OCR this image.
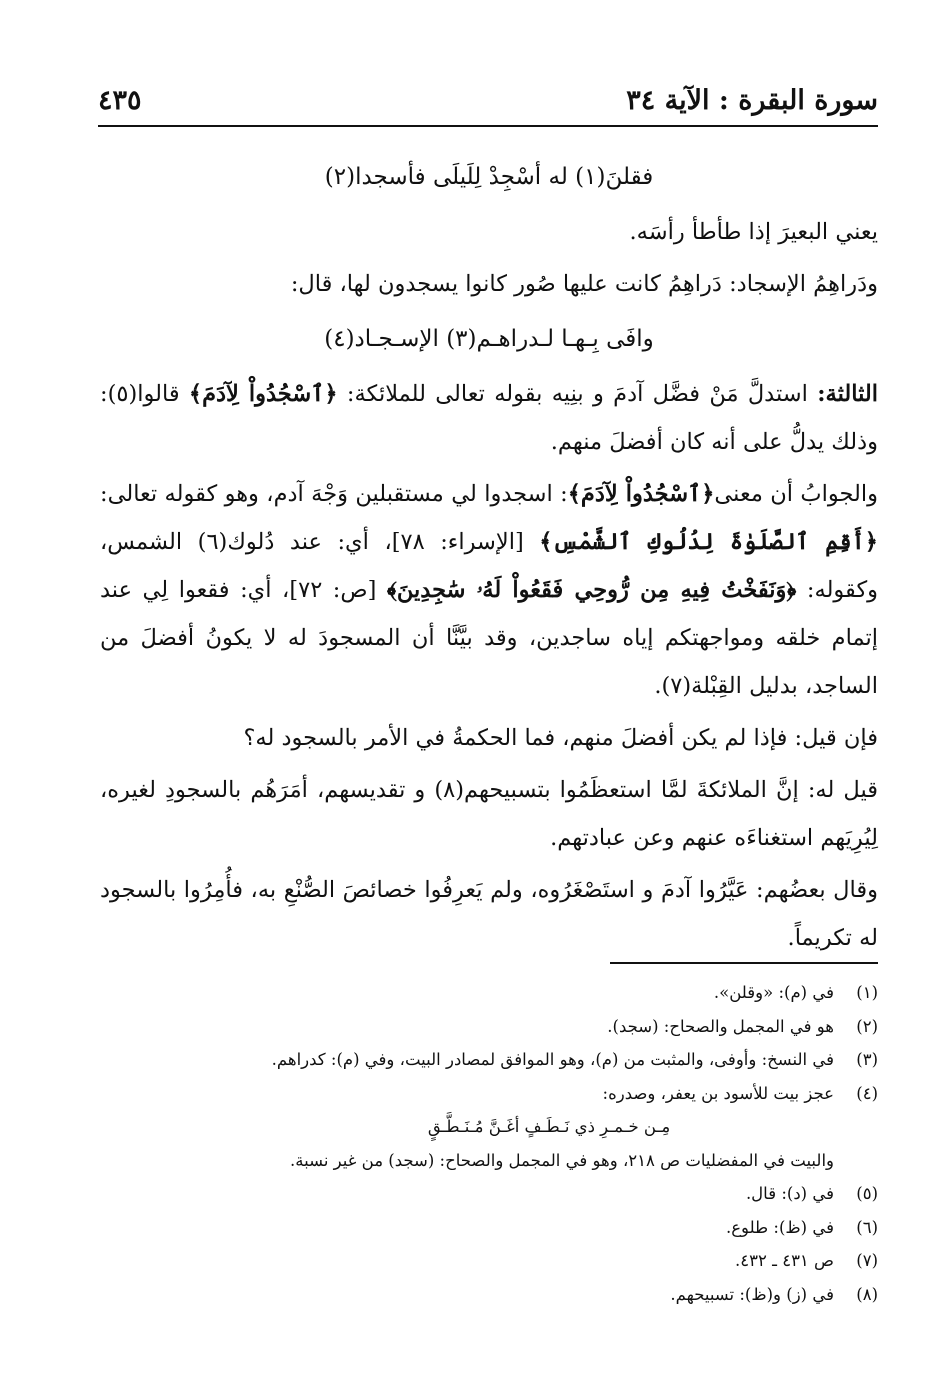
سورة البقرة : الآية ٣٤
٤٣٥

فقلنَ(١) له أسْجِدْ لِلَيلَى فأسجدا(٢)

يعني البعيرَ إذا طأطأ رأسَه.

ودَراهِمُ الإسجاد: دَراهِمُ كانت عليها صُور كانوا يسجدون لها، قال:

وافَى بِـهـا لـدراهـم(٣) الإسـجـاد(٤)

الثالثة: استدلَّ مَنْ فضَّل آدمَ و بنِيه بقوله تعالى للملائكة: ﴿ٱسْجُدُواْ لِآدَمَ﴾ قالوا(٥): وذلك يدلُّ على أنه كان أفضلَ منهم.

والجوابُ أن معنى﴿ٱسْجُدُواْ لِآدَمَ﴾: اسجدوا لي مستقبلين وَجْهَ آدم، وهو كقوله تعالى: ﴿أَقِمِ ٱلصَّلَوٰةَ لِدُلُوكِ ٱلشَّمْسِ﴾ [الإسراء: ٧٨]، أي: عند دُلوك(٦) الشمس، وكقوله: ﴿وَنَفَخْتُ فِيهِ مِن رُّوحِي فَقَعُواْ لَهُۥ سَٰجِدِينَ﴾ [ص: ٧٢]، أي: فقعوا لِي عند إتمام خلقه ومواجهتكم إياه ساجدين، وقد بيَّنَّا أن المسجودَ له لا يكونُ أفضلَ من الساجد، بدليل القِبْلة(٧).

فإن قيل: فإذا لم يكن أفضلَ منهم، فما الحكمةُ في الأمر بالسجود له؟

قيل له: إنَّ الملائكةَ لمَّا استعظَمُوا بتسبيحهم(٨) و تقديسهم، أمَرَهُم بالسجودِ لغيره، لِيُرِيَهم استغناءَه عنهم وعن عبادتهم.

وقال بعضُهم: عَيَّرُوا آدمَ و استَصْغَرُوه، ولم يَعرِفُوا خصائصَ الصُّنْعِ به، فأُمِرُوا بالسجود له تكريماً.

(١)
في (م): «وقلن».
(٢)
هو في المجمل والصحاح: (سجد).
(٣)
في النسخ: وأوفى، والمثبت من (م)، وهو الموافق لمصادر البيت، وفي (م): كدراهم.
(٤)
عجز بيت للأسود بن يعفر، وصدره:
مِـن خـمـرِ ذي نَـطَـفٍ أغَـنَّ مُـنَـطَّـقٍ
والبيت في المفضليات ص ٢١٨، وهو في المجمل والصحاح: (سجد) من غير نسبة.
(٥)
في (د): قال.
(٦)
في (ظ): طلوع.
(٧)
ص ٤٣١ ـ ٤٣٢.
(٨)
في (ز) و(ظ): تسبيحهم.
